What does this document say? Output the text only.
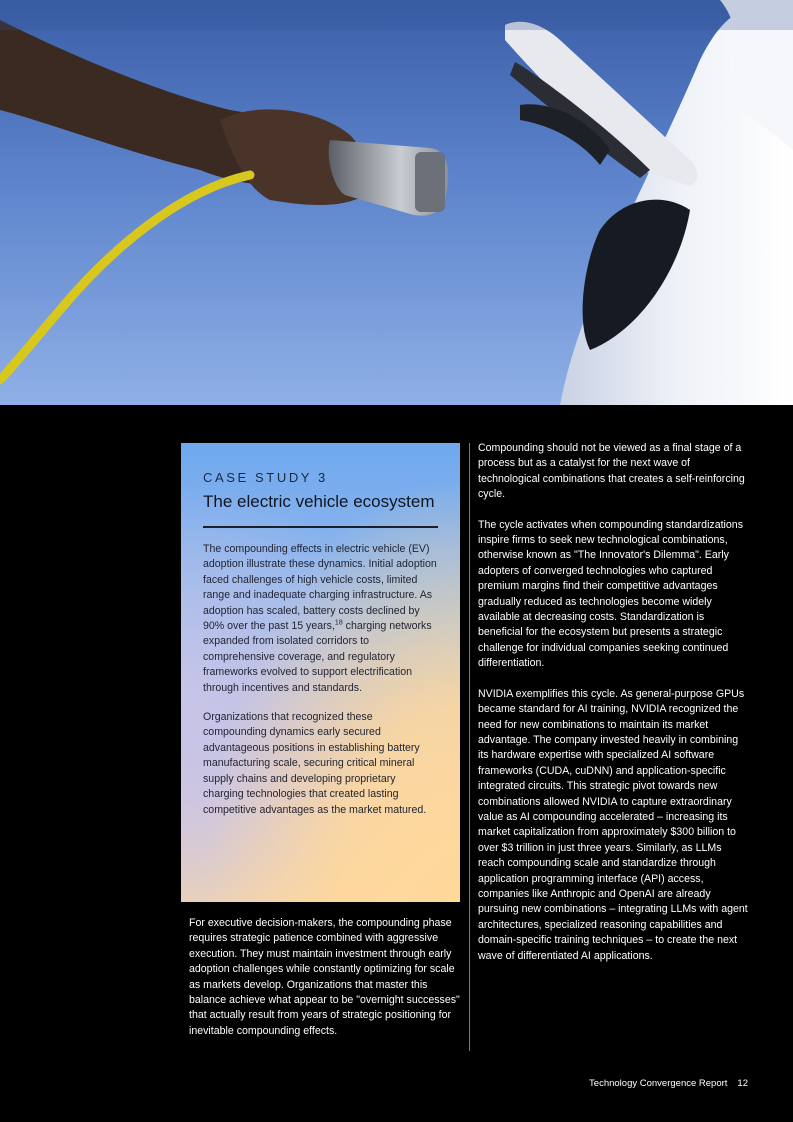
CASE STUDY 3
The electric vehicle ecosystem

The compounding effects in electric vehicle (EV) adoption illustrate these dynamics. Initial adoption faced challenges of high vehicle costs, limited range and inadequate charging infrastructure. As adoption has scaled, battery costs declined by 90% over the past 15 years,$^{18}$ charging networks expanded from isolated corridors to comprehensive coverage, and regulatory frameworks evolved to support electrification through incentives and standards.

Organizations that recognized these compounding dynamics early secured advantageous positions in establishing battery manufacturing scale, securing critical mineral supply chains and developing proprietary charging technologies that created lasting competitive advantages as the market matured.

For executive decision-makers, the compounding phase requires strategic patience combined with aggressive execution. They must maintain investment through early adoption challenges while constantly optimizing for scale as markets develop. Organizations that master this balance achieve what appear to be "overnight successes" that actually result from years of strategic positioning for inevitable compounding effects.

Compounding should not be viewed as a final stage of a process but as a catalyst for the next wave of technological combinations that creates a self-reinforcing cycle.

The cycle activates when compounding standardizations inspire firms to seek new technological combinations, otherwise known as "The Innovator's Dilemma". Early adopters of converged technologies who captured premium margins find their competitive advantages gradually reduced as technologies become widely available at decreasing costs. Standardization is beneficial for the ecosystem but presents a strategic challenge for individual companies seeking continued differentiation.

NVIDIA exemplifies this cycle. As general-purpose GPUs became standard for AI training, NVIDIA recognized the need for new combinations to maintain its market advantage. The company invested heavily in combining its hardware expertise with specialized AI software frameworks (CUDA, cuDNN) and application-specific integrated circuits. This strategic pivot towards new combinations allowed NVIDIA to capture extraordinary value as AI compounding accelerated – increasing its market capitalization from approximately $300 billion to over $3 trillion in just three years. Similarly, as LLMs reach compounding scale and standardize through application programming interface (API) access, companies like Anthropic and OpenAI are already pursuing new combinations – integrating LLMs with agent architectures, specialized reasoning capabilities and domain-specific training techniques – to create the next wave of differentiated AI applications.

Technology Convergence Report 12
